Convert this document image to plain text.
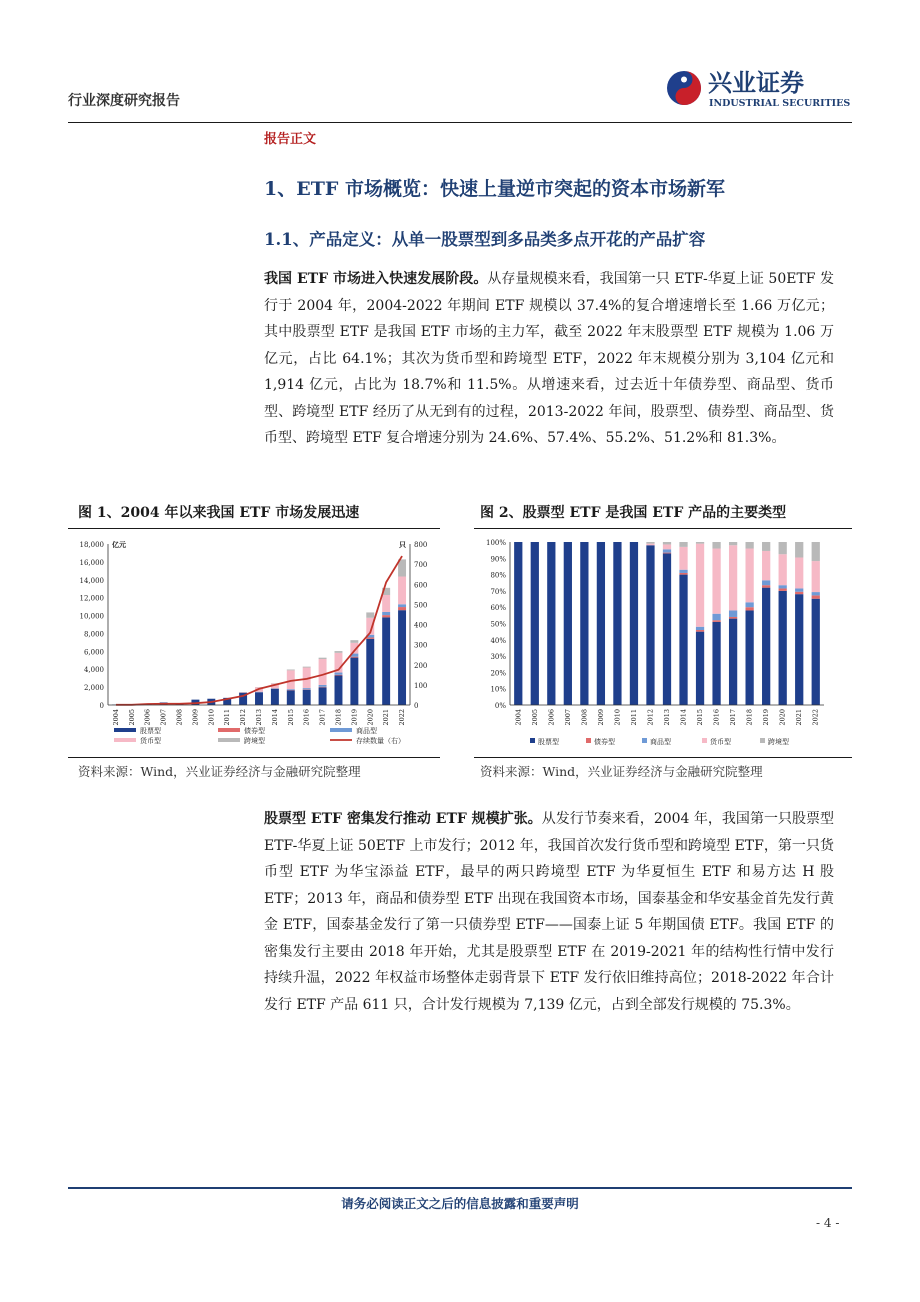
行业深度研究报告
兴业证券
INDUSTRIAL SECURITIES
报告正文
1、ETF 市场概览：快速上量逆市突起的资本市场新军
1.1、产品定义：从单一股票型到多品类多点开花的产品扩容
我国 ETF 市场进入快速发展阶段。从存量规模来看，我国第一只 ETF-华夏上证 50ETF 发行于 2004 年，2004-2022 年期间 ETF 规模以 37.4%的复合增速增长至 1.66 万亿元；其中股票型 ETF 是我国 ETF 市场的主力军，截至 2022 年末股票型 ETF 规模为 1.06 万亿元，占比 64.1%；其次为货币型和跨境型 ETF，2022 年末规模分别为 3,104 亿元和 1,914 亿元，占比为 18.7%和 11.5%。从增速来看，过去近十年债券型、商品型、货币型、跨境型 ETF 经历了从无到有的过程，2013-2022 年间，股票型、债券型、商品型、货币型、跨境型 ETF 复合增速分别为 24.6%、57.4%、55.2%、51.2%和 81.3%。
图 1、2004 年以来我国 ETF 市场发展迅速	图 2、股票型 ETF 是我国 ETF 产品的主要类型
0
2,000
4,000
6,000
8,000
10,000
12,000
14,000
16,000
18,000
0
100
200
300
400
500
600
700
800
亿元	只
2004 2005 2006 2007 2008 2009 2010 2011 2012 2013 2014 2015 2016 2017 2018 2019 2020 2021 2022
股票型	债券型	商品型
货币型	跨境型	存续数量（右）
0%
10%
20%
30%
40%
50%
60%
70%
80%
90%
100%
2004 2005 2006 2007 2008 2009 2010 2011 2012 2013 2014 2015 2016 2017 2018 2019 2020 2021 2022
股票型	债券型	商品型	货币型	跨境型
资料来源：Wind，兴业证券经济与金融研究院整理	资料来源：Wind，兴业证券经济与金融研究院整理
股票型 ETF 密集发行推动 ETF 规模扩张。从发行节奏来看，2004 年，我国第一只股票型 ETF-华夏上证 50ETF 上市发行；2012 年，我国首次发行货币型和跨境型 ETF，第一只货币型 ETF 为华宝添益 ETF，最早的两只跨境型 ETF 为华夏恒生 ETF 和易方达 H 股 ETF；2013 年，商品和债券型 ETF 出现在我国资本市场，国泰基金和华安基金首先发行黄金 ETF，国泰基金发行了第一只债券型 ETF——国泰上证 5 年期国债 ETF。我国 ETF 的密集发行主要由 2018 年开始，尤其是股票型 ETF 在 2019-2021 年的结构性行情中发行持续升温，2022 年权益市场整体走弱背景下 ETF 发行依旧维持高位；2018-2022 年合计发行 ETF 产品 611 只，合计发行规模为 7,139 亿元，占到全部发行规模的 75.3%。
请务必阅读正文之后的信息披露和重要声明
- 4 -
